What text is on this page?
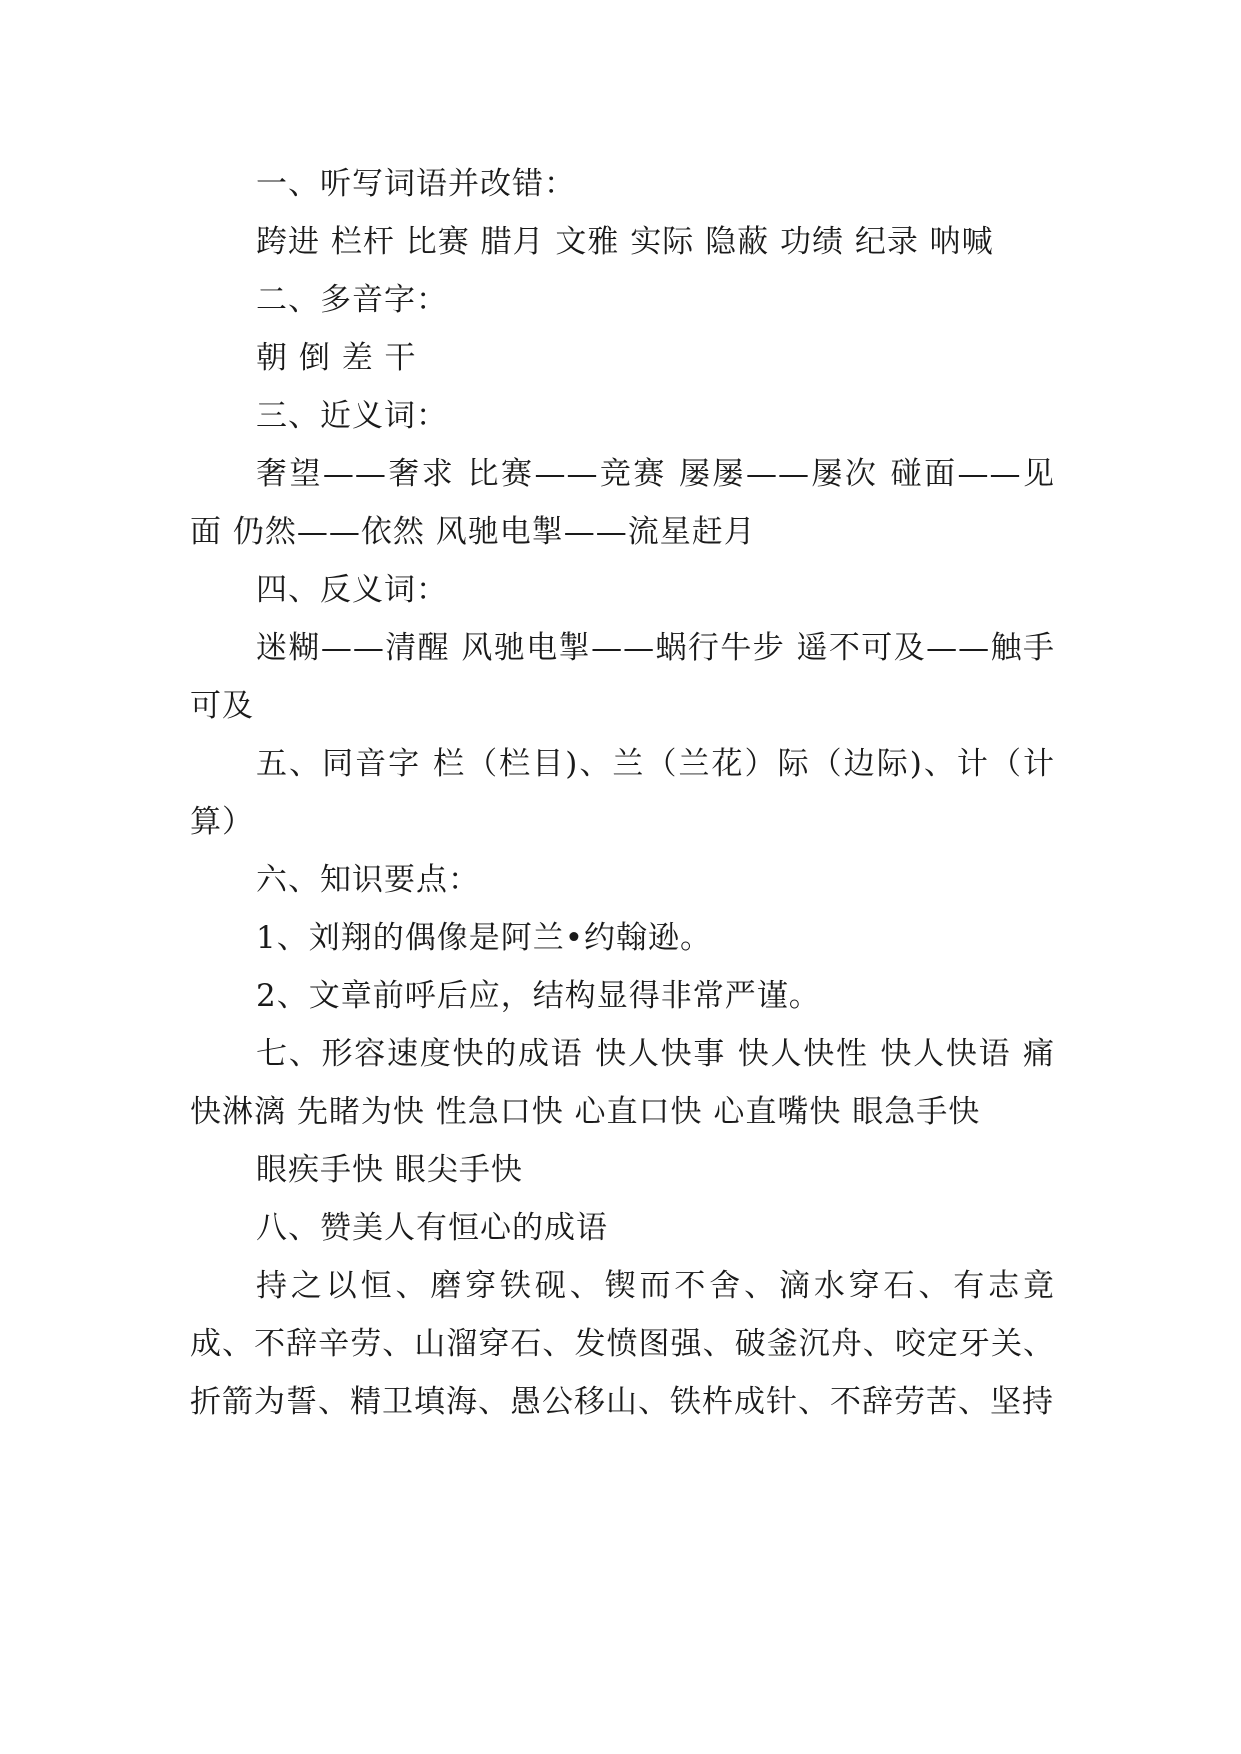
一、听写词语并改错：

跨进 栏杆 比赛 腊月 文雅 实际 隐蔽 功绩 纪录 呐喊

二、多音字：

朝 倒 差 干

三、近义词：

奢望——奢求 比赛——竞赛 屡屡——屡次 碰面——见面 仍然——依然 风驰电掣——流星赶月

四、反义词：

迷糊——清醒 风驰电掣——蜗行牛步 遥不可及——触手可及

五、同音字 栏（栏目)、兰（兰花）际（边际)、计（计算）

六、知识要点：

1、刘翔的偶像是阿兰•约翰逊。

2、文章前呼后应，结构显得非常严谨。

七、形容速度快的成语 快人快事 快人快性 快人快语 痛快淋漓 先睹为快 性急口快 心直口快 心直嘴快 眼急手快

眼疾手快 眼尖手快

八、赞美人有恒心的成语

持之以恒、磨穿铁砚、锲而不舍、滴水穿石、有志竟成、不辞辛劳、山溜穿石、发愤图强、破釜沉舟、咬定牙关、折箭为誓、精卫填海、愚公移山、铁杵成针、不辞劳苦、坚持
